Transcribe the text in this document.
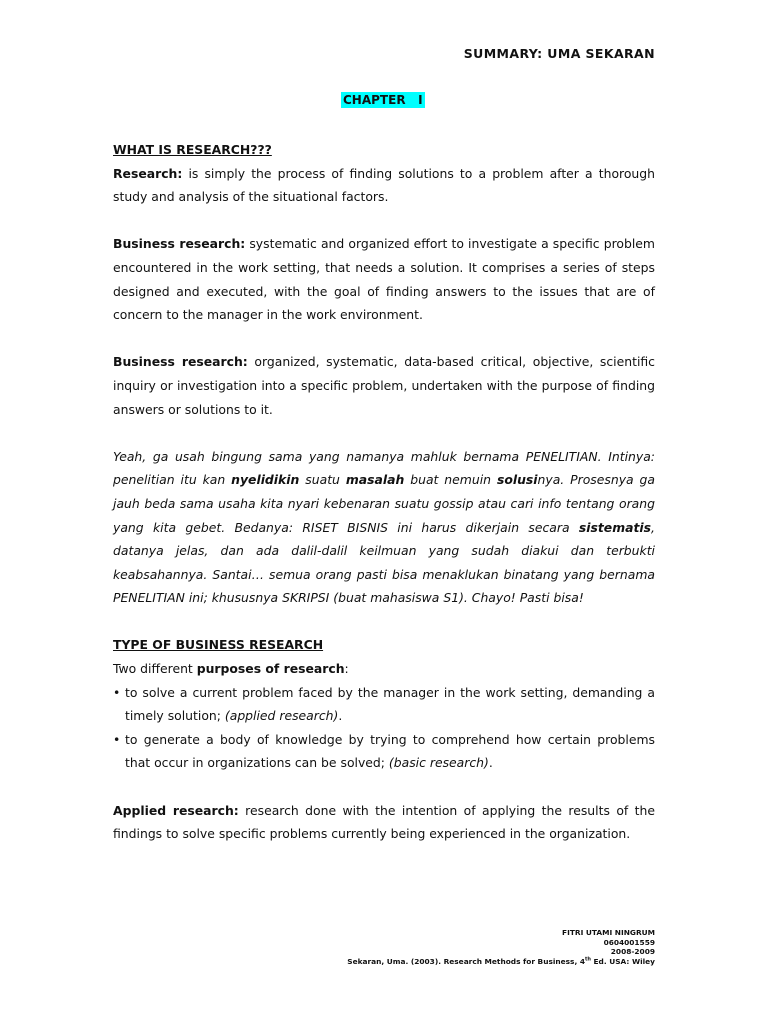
SUMMARY: UMA SEKARAN
CHAPTER   I

WHAT IS RESEARCH???

Research: is simply the process of finding solutions to a problem after a thorough study and analysis of the situational factors.

Business research: systematic and organized effort to investigate a specific problem encountered in the work setting, that needs a solution. It comprises a series of steps designed and executed, with the goal of finding answers to the issues that are of concern to the manager in the work environment.

Business research: organized, systematic, data-based critical, objective, scientific inquiry or investigation into a specific problem, undertaken with the purpose of finding answers or solutions to it.

Yeah, ga usah bingung sama yang namanya mahluk bernama PENELITIAN. Intinya: penelitian itu kan nyelidikin suatu masalah buat nemuin solusinya. Prosesnya ga jauh beda sama usaha kita nyari kebenaran suatu gossip atau cari info tentang orang yang kita gebet. Bedanya: RISET BISNIS ini harus dikerjain secara sistematis, datanya jelas, dan ada dalil-dalil keilmuan yang sudah diakui dan terbukti keabsahannya. Santai… semua orang pasti bisa menaklukan binatang yang bernama PENELITIAN ini; khususnya SKRIPSI (buat mahasiswa S1). Chayo! Pasti bisa!

TYPE OF BUSINESS RESEARCH

Two different purposes of research:

• to solve a current problem faced by the manager in the work setting, demanding a timely solution; (applied research).
• to generate a body of knowledge by trying to comprehend how certain problems that occur in organizations can be solved; (basic research).

Applied research: research done with the intention of applying the results of the findings to solve specific problems currently being experienced in the organization.

FITRI UTAMI NINGRUM
0604001559
2008-2009
Sekaran, Uma. (2003). Research Methods for Business, 4th Ed. USA: Wiley
